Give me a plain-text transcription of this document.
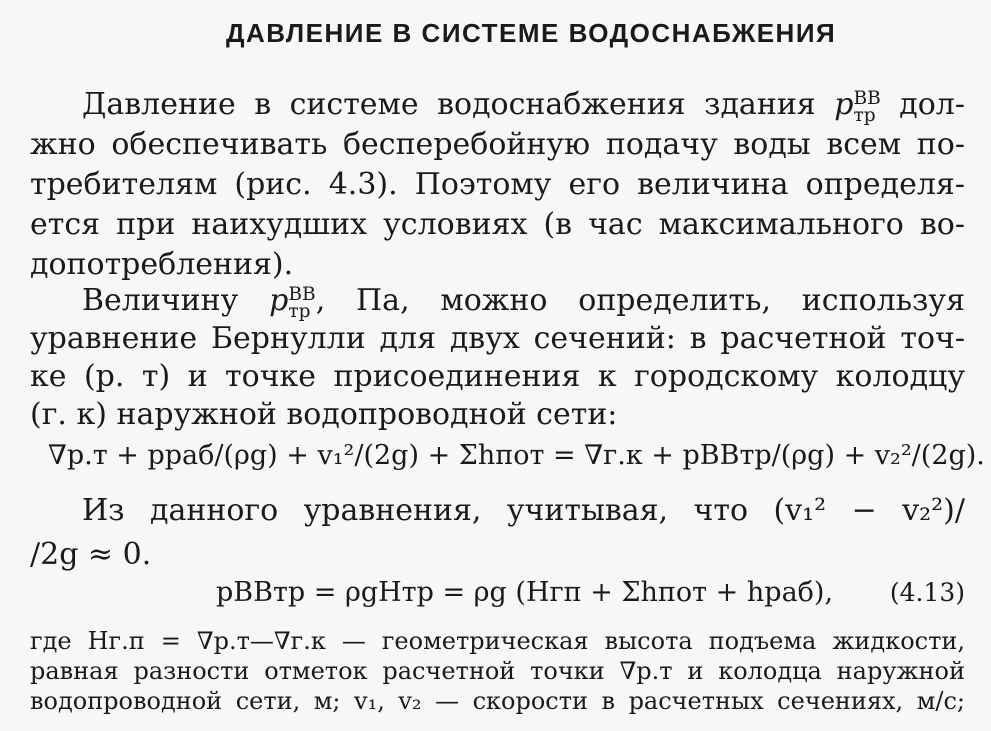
ДАВЛЕНИЕ В СИСТЕМЕ ВОДОСНАБЖЕНИЯ
Давление в системе водоснабжения здания p ВВ
тр дол-
жно обеспечивать бесперебойную подачу воды всем по-
требителям (рис. 4.3). Поэтому его величина определя-
ется при наихудших условиях (в час максимального во-
допотребления).
Величину p ВВ
тр , Па, можно определить, используя
уравнение Бернулли для двух сечений: в расчетной точ-
ке (р. т) и точке присоединения к городскому колодцу
(г. к) наружной водопроводной сети:
∇р.т + pраб/(ρg) + v₁²/(2g) + Σhпот = ∇г.к + pВВтр/(ρg) + v₂²/(2g).
Из данного уравнения, учитывая, что (v₁² − v₂²)/
/2g ≈ 0.
pВВтр = ρgHтр = ρg (Hгп + Σhпот + hраб), (4.13)
где Hг.п = ∇р.т—∇г.к — геометрическая высота подъема жидкости,
равная разности отметок расчетной точки ∇р.т и колодца наружной
водопроводной сети, м; v₁, v₂ — скорости в расчетных сечениях, м/с;
